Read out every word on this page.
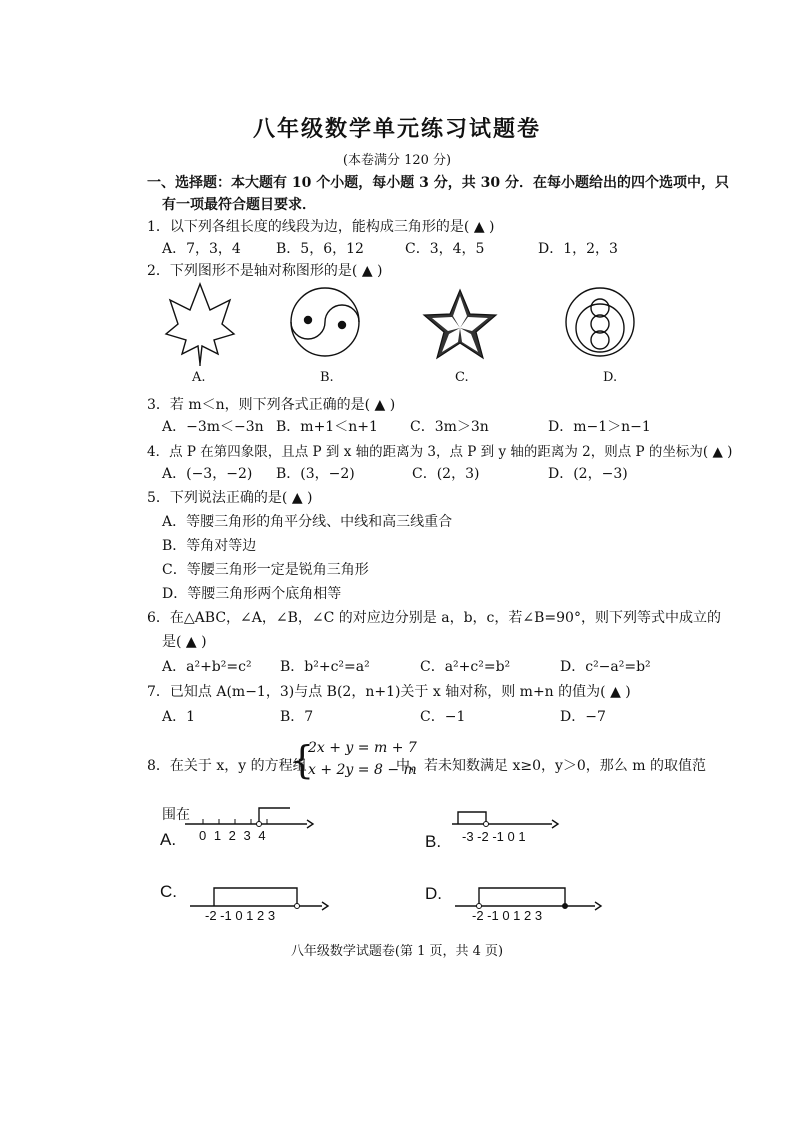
八年级数学单元练习试题卷
(本卷满分 120 分)
一、选择题：本大题有 10 个小题，每小题 3 分，共 30 分．在每小题给出的四个选项中，只
有一项最符合题目要求．
1．以下列各组长度的线段为边，能构成三角形的是( ▲ )
A．7，3，4	B．5，6，12	C．3，4，5	D．1，2，3
2．下列图形不是轴对称图形的是( ▲ )
A.	B.	C.	D.
3．若 m＜n，则下列各式正确的是( ▲ )
A．−3m＜−3n B．m+1＜n+1 C．3m＞3n	D．m−1＞n−1
4．点 P 在第四象限，且点 P 到 x 轴的距离为 3，点 P 到 y 轴的距离为 2，则点 P 的坐标为( ▲ )
A．(−3，−2) B．(3，−2)	C．(2，3)	D．(2，−3)
5．下列说法正确的是( ▲ )
A．等腰三角形的角平分线、中线和高三线重合
B．等角对等边
C．等腰三角形一定是锐角三角形
D．等腰三角形两个底角相等
6．在△ABC，∠A，∠B，∠C 的对应边分别是 a，b，c，若∠B=90°，则下列等式中成立的
是( ▲ )
A．a²+b²=c² B．b²+c²=a²	C．a²+c²=b²	D．c²−a²=b²
7．已知点 A(m−1，3)与点 B(2，n+1)关于 x 轴对称，则 m+n 的值为( ▲ )
A．1	B．7	C．−1	D．−7
8．在关于 x，y 的方程组
{
2x + y = m + 7
x + 2y = 8 − m
中，若未知数满足 x≥0，y＞0，那么 m 的取值范
围在
A. 0 1 2 3 4	B. -3 -2 -1 0 1
C.
-2 -1 0 1 2 3
D.
-2 -1 0 1 2 3
八年级数学试题卷(第 1 页，共 4 页)
